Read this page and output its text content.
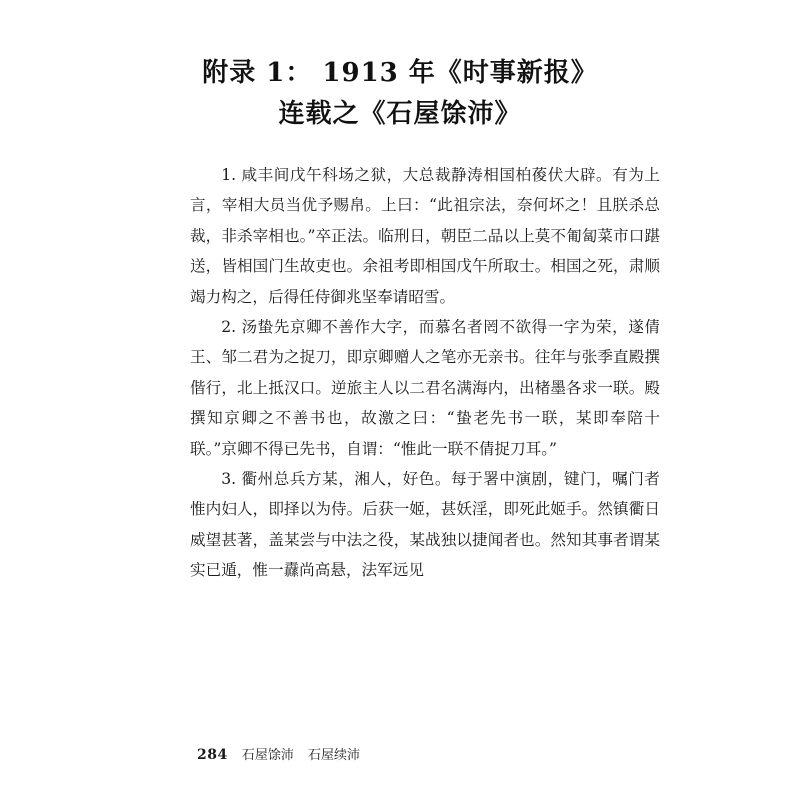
附录 1： 1913 年《时事新报》
连载之《石屋馀沛》

1. 咸丰间戊午科场之狱，大总裁静涛相国柏葰伏大辟。有为上言，宰相大员当优予赐帛。上曰：“此祖宗法，奈何坏之！且朕杀总裁，非杀宰相也。”卒正法。临刑日，朝臣二品以上莫不匍匐菜市口踸送，皆相国门生故吏也。余祖考即相国戊午所取士。相国之死，肃顺竭力构之，后得任侍御兆坚奉请昭雪。

2. 汤蛰先京卿不善作大字，而慕名者罔不欲得一字为荣，遂倩王、邹二君为之捉刀，即京卿赠人之笔亦无亲书。往年与张季直殿撰偕行，北上抵汉口。逆旅主人以二君名满海内，出楮墨各求一联。殿撰知京卿之不善书也，故激之曰：“蛰老先书一联，某即奉陪十联。”京卿不得已先书，自谓：“惟此一联不倩捉刀耳。”

3. 衢州总兵方某，湘人，好色。每于署中演剧，键门，嘱门者惟内妇人，即择以为侍。后获一姬，甚妖淫，即死此姬手。然镇衢日威望甚著，盖某尝与中法之役，某战独以捷闻者也。然知其事者谓某实已遁，惟一纛尚高悬，法军远见

284 石屋馀沛 石屋续沛
